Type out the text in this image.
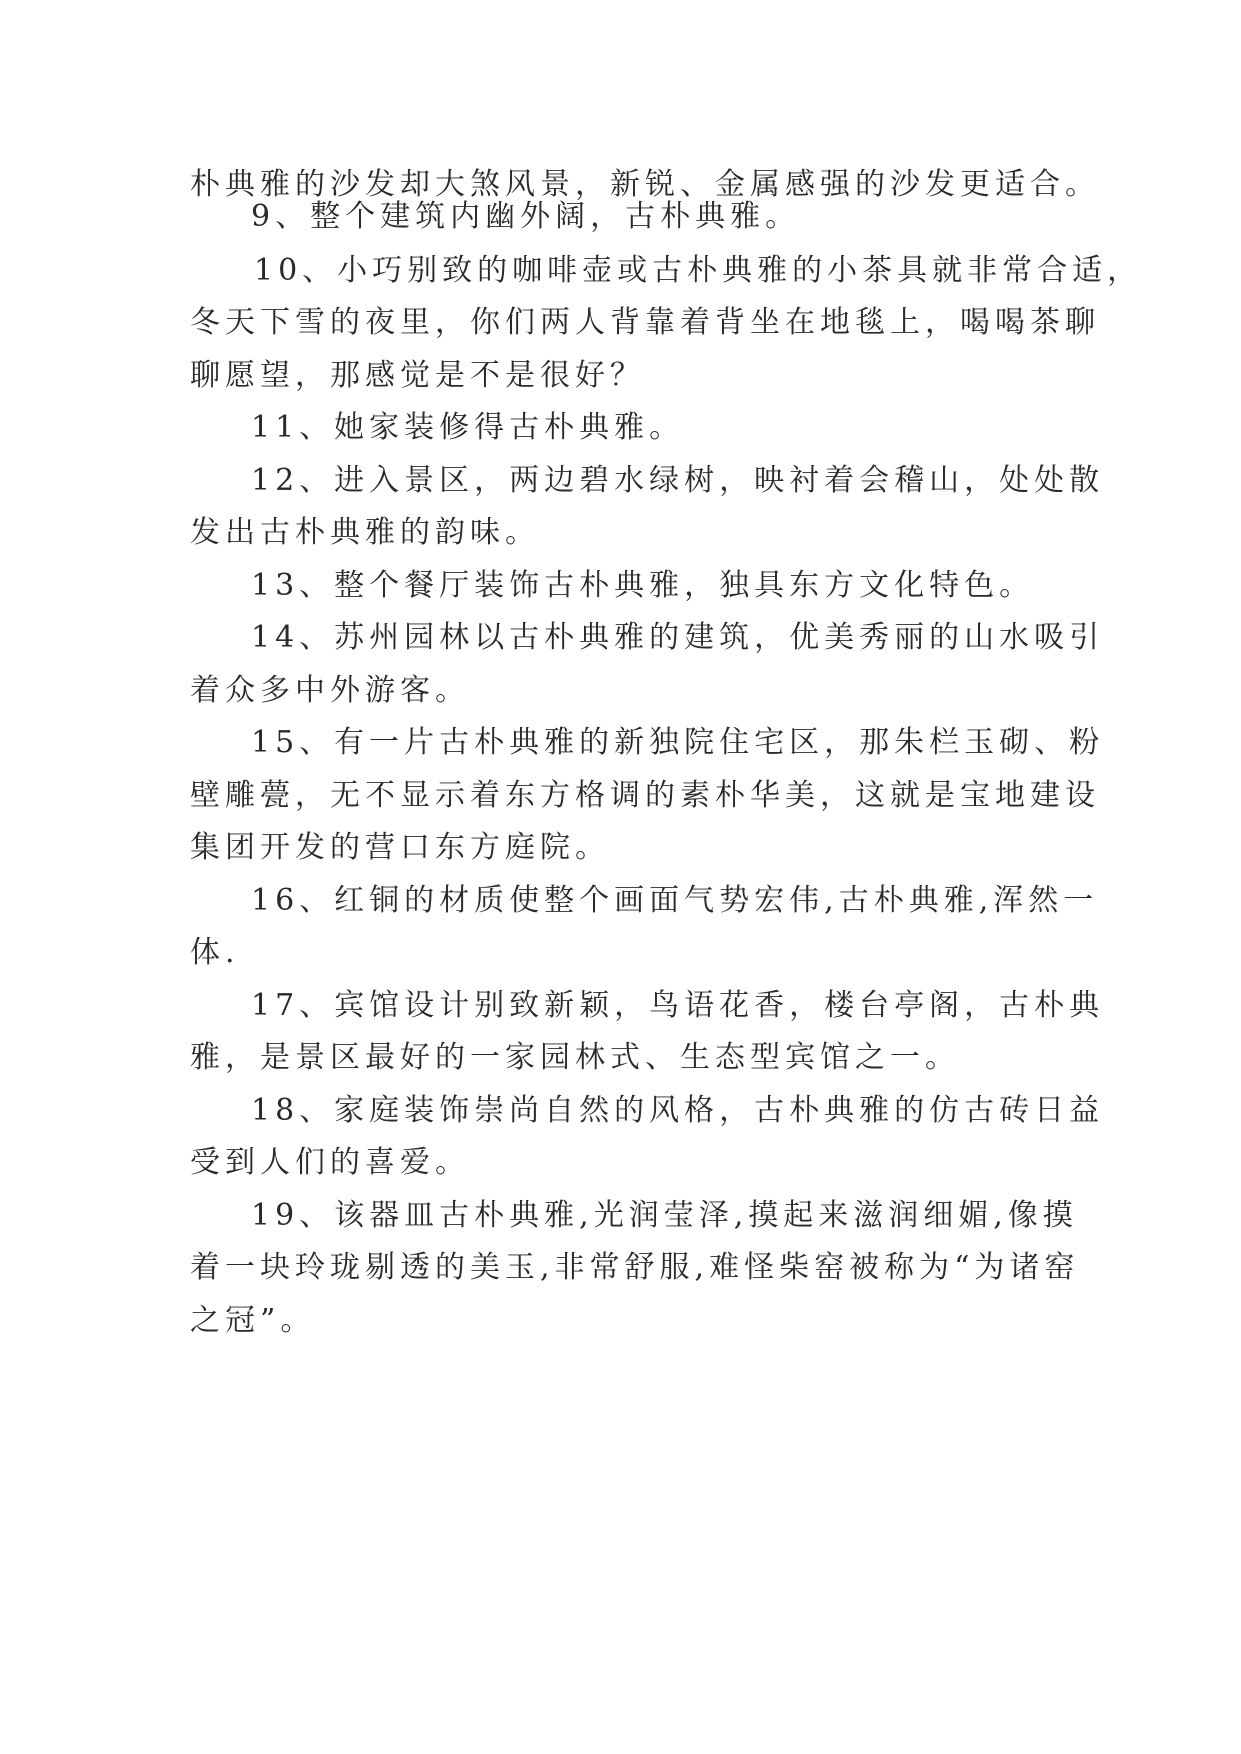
朴典雅的沙发却大煞风景，新锐、金属感强的沙发更适合。
9、整个建筑内幽外阔，古朴典雅。
10、小巧别致的咖啡壶或古朴典雅的小茶具就非常合适，
冬天下雪的夜里，你们两人背靠着背坐在地毯上，喝喝茶聊
聊愿望，那感觉是不是很好？
11、她家装修得古朴典雅。
12、进入景区，两边碧水绿树，映衬着会稽山，处处散
发出古朴典雅的韵味。
13、整个餐厅装饰古朴典雅，独具东方文化特色。
14、苏州园林以古朴典雅的建筑，优美秀丽的山水吸引
着众多中外游客。
15、有一片古朴典雅的新独院住宅区，那朱栏玉砌、粉
壁雕甍，无不显示着东方格调的素朴华美，这就是宝地建设
集团开发的营口东方庭院。
16、红铜的材质使整个画面气势宏伟,古朴典雅,浑然一
体.
17、宾馆设计别致新颖，鸟语花香，楼台亭阁，古朴典
雅，是景区最好的一家园林式、生态型宾馆之一。
18、家庭装饰崇尚自然的风格，古朴典雅的仿古砖日益
受到人们的喜爱。
19、该器皿古朴典雅,光润莹泽,摸起来滋润细媚,像摸
着一块玲珑剔透的美玉,非常舒服,难怪柴窑被称为“为诸窑
之冠”。
